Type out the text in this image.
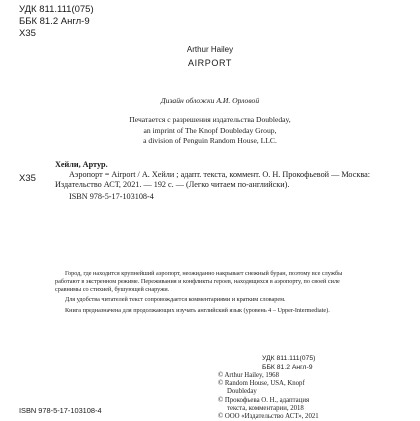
УДК 811.111(075)
ББК 81.2 Англ-9
Х35
Arthur Hailey
AIRPORT
Дизайн обложки А.И. Орловой
Печатается с разрешения издательства Doubleday,
an imprint of The Knopf Doubleday Group,
a division of Penguin Random House, LLC.
Х35
Хейли, Артур.

Аэропорт = Airport / А. Хейли ; адапт. текста, коммент. О. Н. Прокофьевой — Москва: Издательство АСТ, 2021. — 192 с. — (Легко читаем по-английски).

ISBN 978-5-17-103108-4

Город, где находится крупнейший аэропорт, неожиданно накрывает снежный буран, поэтому все службы работают в экстренном режиме. Переживания и конфликты героев, находящихся в аэропорту, по своей силе сравнимы со стихией, бушующей снаружи.

Для удобства читателей текст сопровождается комментариями и кратким словарем.

Книга предназначена для продолжающих изучать английский язык (уровень 4 – Upper-Intermediate).

УДК 811.111(075)
ББК 81.2 Англ-9
© Arthur Hailey, 1968
© Random House, USA, Knopf
Doubleday
© Прокофьева О. Н., адаптация
текста, комментарии, 2018
© ООО «Издательство АСТ», 2021
ISBN 978-5-17-103108-4
